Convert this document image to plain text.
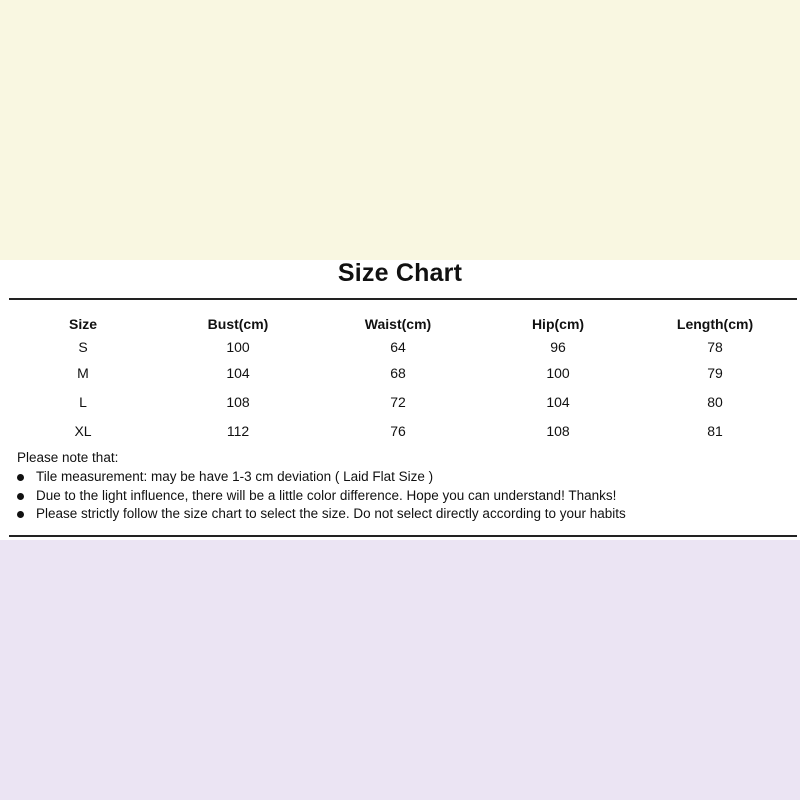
Size Chart
Size	Bust(cm)	Waist(cm)	Hip(cm)	Length(cm)
S	100	64	96	78
M	104	68	100	79
L	108	72	104	80
XL	112	76	108	81
Please note that:
Tile measurement: may be have 1-3 cm deviation ( Laid Flat Size )
Due to the light influence, there will be a little color difference. Hope you can understand! Thanks!
Please strictly follow the size chart to select the size. Do not select directly according to your habits
